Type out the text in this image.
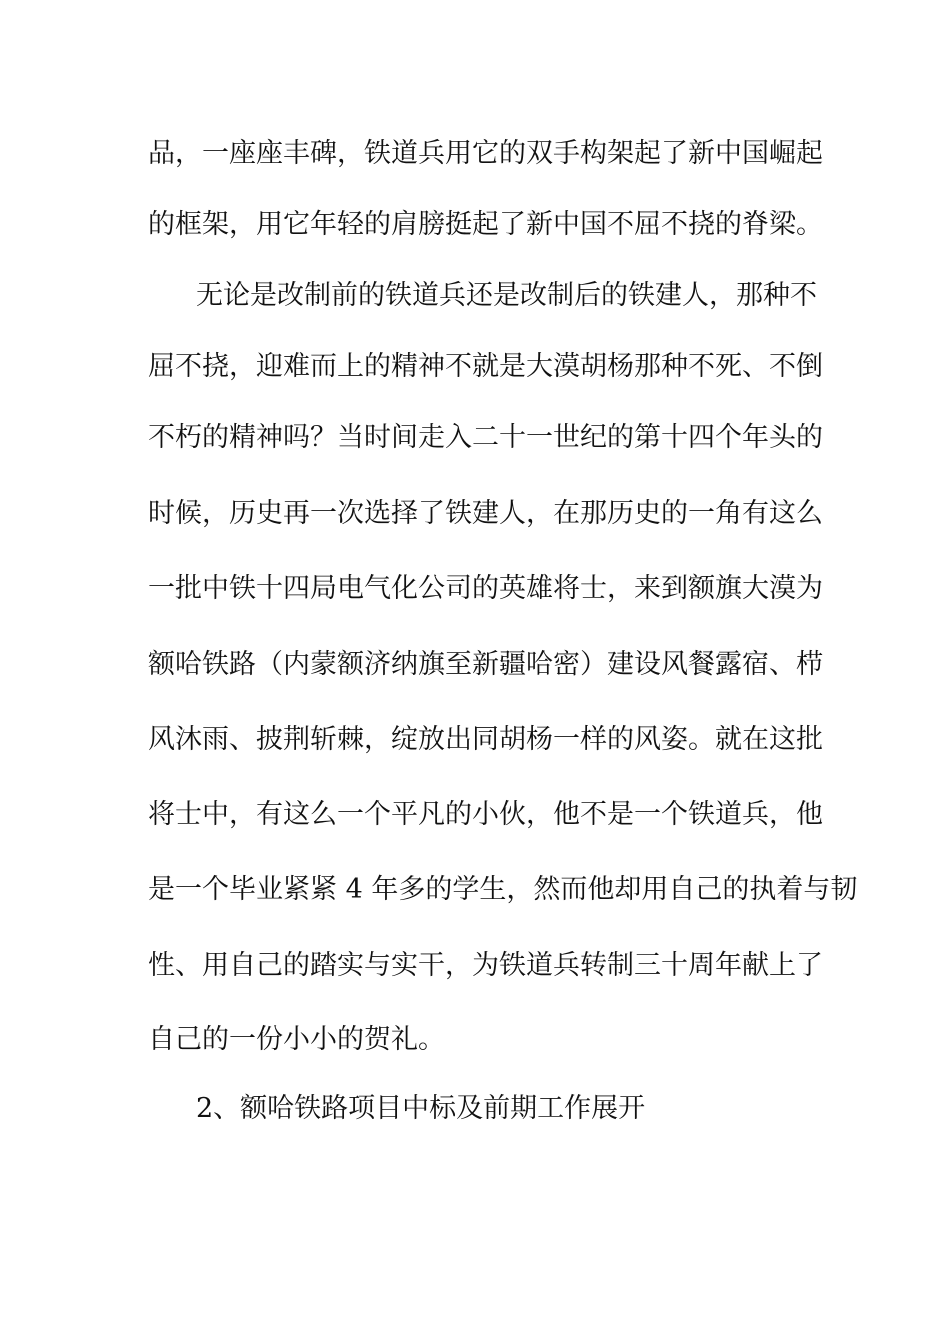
品，一座座丰碑，铁道兵用它的双手构架起了新中国崛起
的框架，用它年轻的肩膀挺起了新中国不屈不挠的脊梁。
无论是改制前的铁道兵还是改制后的铁建人，那种不
屈不挠，迎难而上的精神不就是大漠胡杨那种不死、不倒
不朽的精神吗？当时间走入二十一世纪的第十四个年头的
时候，历史再一次选择了铁建人，在那历史的一角有这么
一批中铁十四局电气化公司的英雄将士，来到额旗大漠为
额哈铁路（内蒙额济纳旗至新疆哈密）建设风餐露宿、栉
风沐雨、披荆斩棘，绽放出同胡杨一样的风姿。就在这批
将士中，有这么一个平凡的小伙，他不是一个铁道兵，他
是一个毕业紧紧 4 年多的学生，然而他却用自己的执着与韧
性、用自己的踏实与实干，为铁道兵转制三十周年献上了
自己的一份小小的贺礼。
2、额哈铁路项目中标及前期工作展开
